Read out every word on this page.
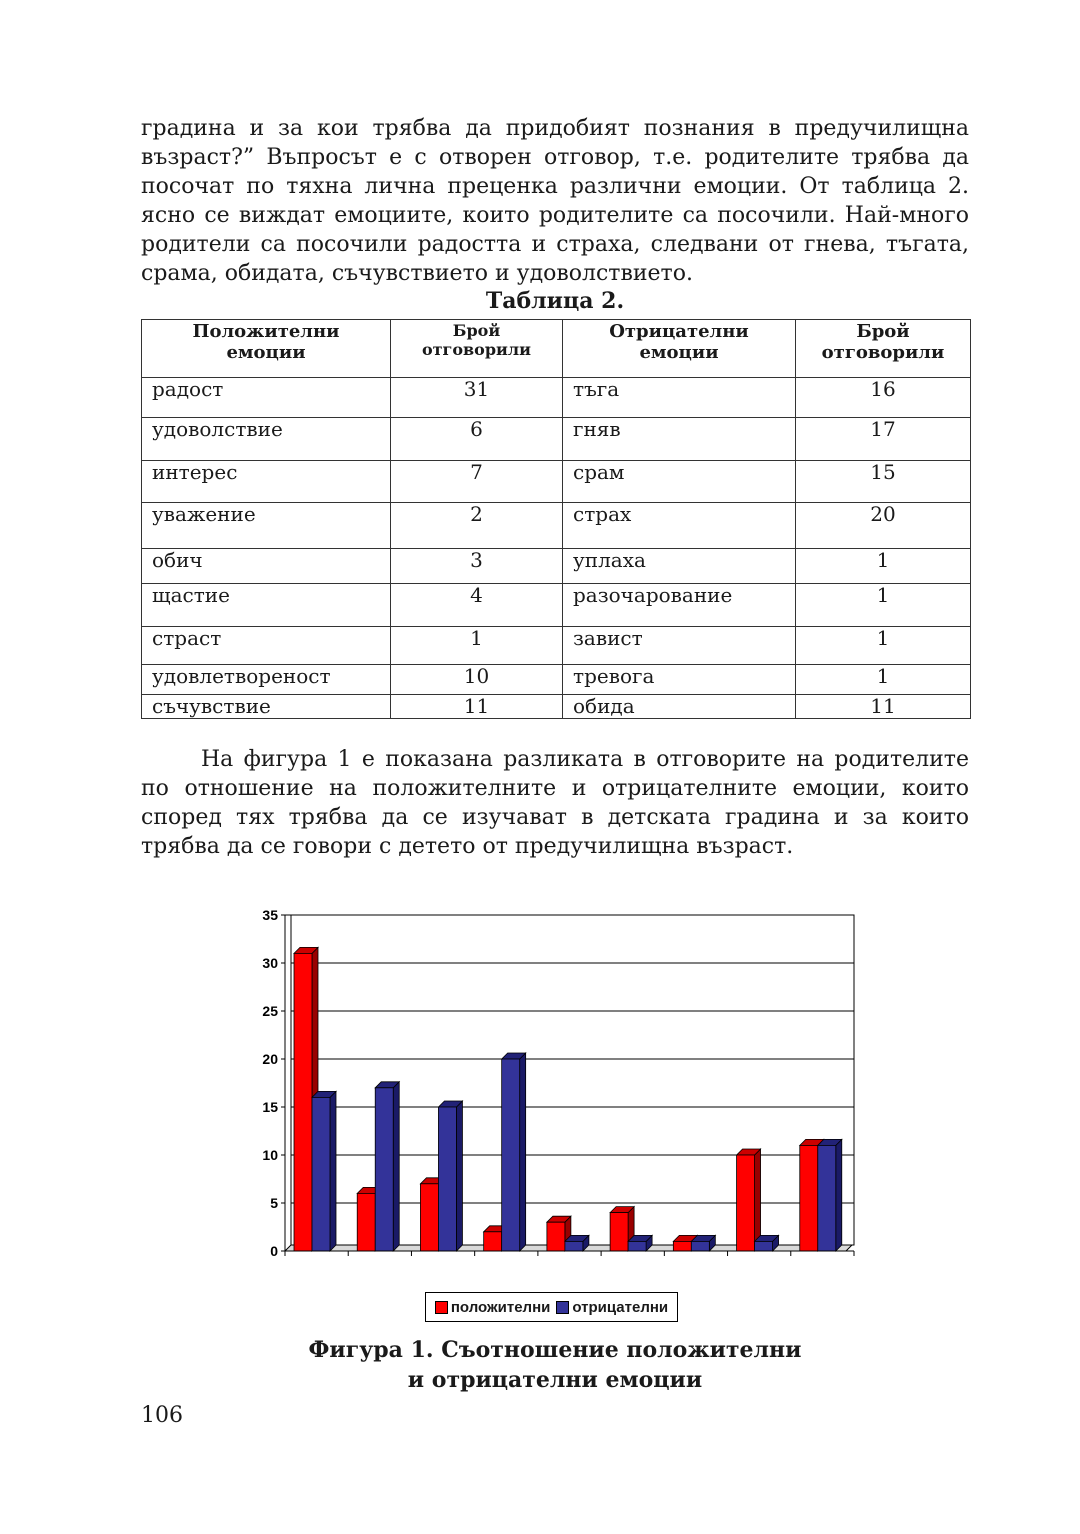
градина и за кои трябва да придобият познания в предучилищна възраст?” Въпросът е с отворен отговор, т.е. родителите трябва да посочат по тяхна лична преценка различни емоции. От таблица 2. ясно се виждат емоциите, които родителите са посочили. Най-много родители са посочили радостта и страха, следвани от гнева, тъгата, срама, обидата, съчувствието и удоволствието.

Таблица 2.
Положителни емоции	Брой отговорили	Отрицателни емоции	Брой отговорили
радост	31	тъга	16
удоволствие	6	гняв	17
интерес	7	срам	15
уважение	2	страх	20
обич	3	уплаха	1
щастие	4	разочарование	1
страст	1	завист	1
удовлетвореност	10	тревога	1
съчувствие	11	обида	11

На фигура 1 е показана разликата в отговорите на родителите по отношение на положителните и отрицателните емоции, които според тях трябва да се изучават в детската градина и за които трябва да се говори с детето от предучилищна възраст.

0
5
10
15
20
25
30
35
положителни отрицателни
Фигура 1. Съотношение положителни
и отрицателни емоции
106
